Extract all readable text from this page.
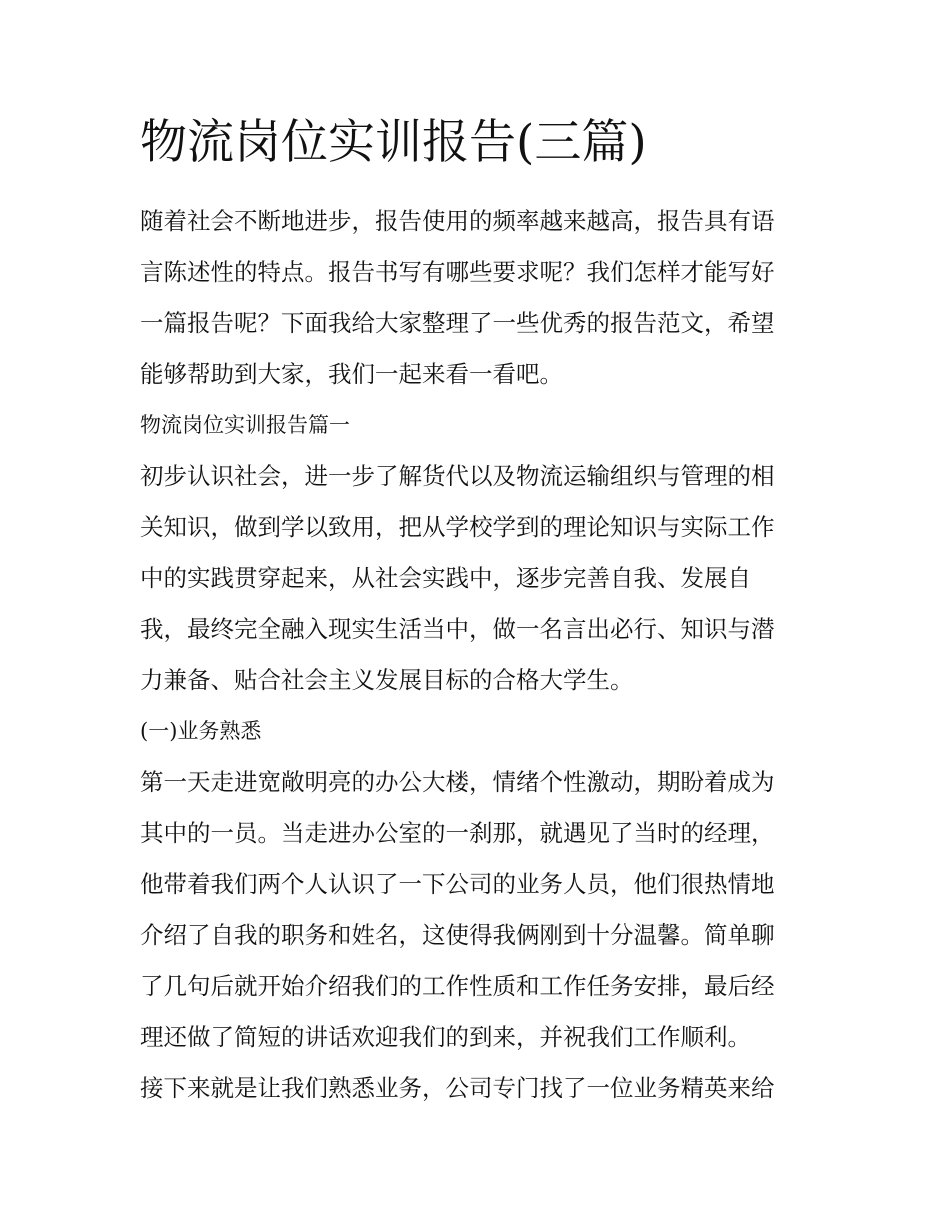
物流岗位实训报告(三篇)

随着社会不断地进步，报告使用的频率越来越高，报告具有语

言陈述性的特点。报告书写有哪些要求呢？我们怎样才能写好

一篇报告呢？下面我给大家整理了一些优秀的报告范文，希望

能够帮助到大家，我们一起来看一看吧。

物流岗位实训报告篇一

初步认识社会，进一步了解货代以及物流运输组织与管理的相

关知识，做到学以致用，把从学校学到的理论知识与实际工作

中的实践贯穿起来，从社会实践中，逐步完善自我、发展自

我，最终完全融入现实生活当中，做一名言出必行、知识与潜

力兼备、贴合社会主义发展目标的合格大学生。

(一)业务熟悉

第一天走进宽敞明亮的办公大楼，情绪个性激动，期盼着成为

其中的一员。当走进办公室的一刹那，就遇见了当时的经理，

他带着我们两个人认识了一下公司的业务人员，他们很热情地

介绍了自我的职务和姓名，这使得我俩刚到十分温馨。简单聊

了几句后就开始介绍我们的工作性质和工作任务安排，最后经

理还做了简短的讲话欢迎我们的到来，并祝我们工作顺利。

接下来就是让我们熟悉业务，公司专门找了一位业务精英来给
